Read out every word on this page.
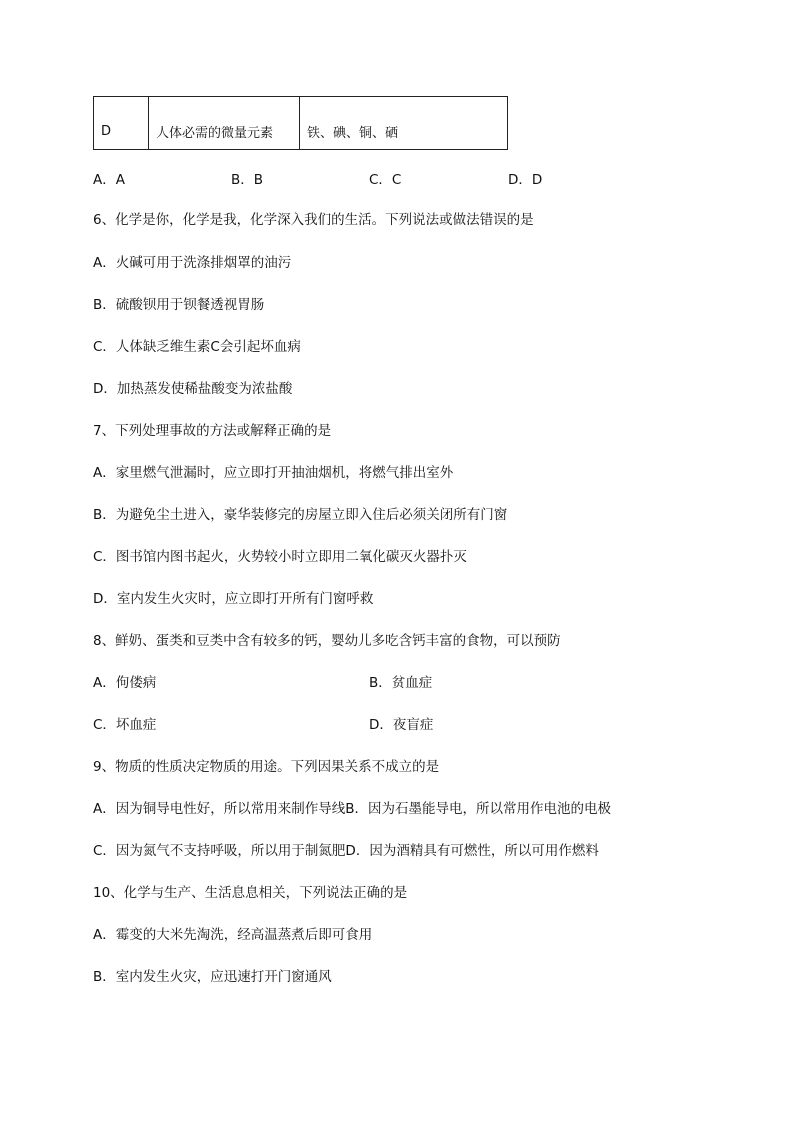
D	人体必需的微量元素	铁、碘、铜、硒
A．A	B．B	C．C	D．D
6、化学是你，化学是我，化学深入我们的生活。下列说法或做法错误的是
A．火碱可用于洗涤排烟罩的油污
B．硫酸钡用于钡餐透视胃肠
C．人体缺乏维生素C会引起坏血病
D．加热蒸发使稀盐酸变为浓盐酸
7、下列处理事故的方法或解释正确的是
A．家里燃气泄漏时，应立即打开抽油烟机，将燃气排出室外
B．为避免尘土进入，豪华装修完的房屋立即入住后必须关闭所有门窗
C．图书馆内图书起火，火势较小时立即用二氧化碳灭火器扑灭
D．室内发生火灾时，应立即打开所有门窗呼救
8、鲜奶、蛋类和豆类中含有较多的钙，婴幼儿多吃含钙丰富的食物，可以预防
A．佝偻病	B．贫血症
C．坏血症	D．夜盲症
9、物质的性质决定物质的用途。下列因果关系不成立的是
A．因为铜导电性好，所以常用来制作导线B．因为石墨能导电，所以常用作电池的电极
C．因为氮气不支持呼吸，所以用于制氮肥D．因为酒精具有可燃性，所以可用作燃料
10、化学与生产、生活息息相关，下列说法正确的是
A．霉变的大米先淘洗，经高温蒸煮后即可食用
B．室内发生火灾，应迅速打开门窗通风
